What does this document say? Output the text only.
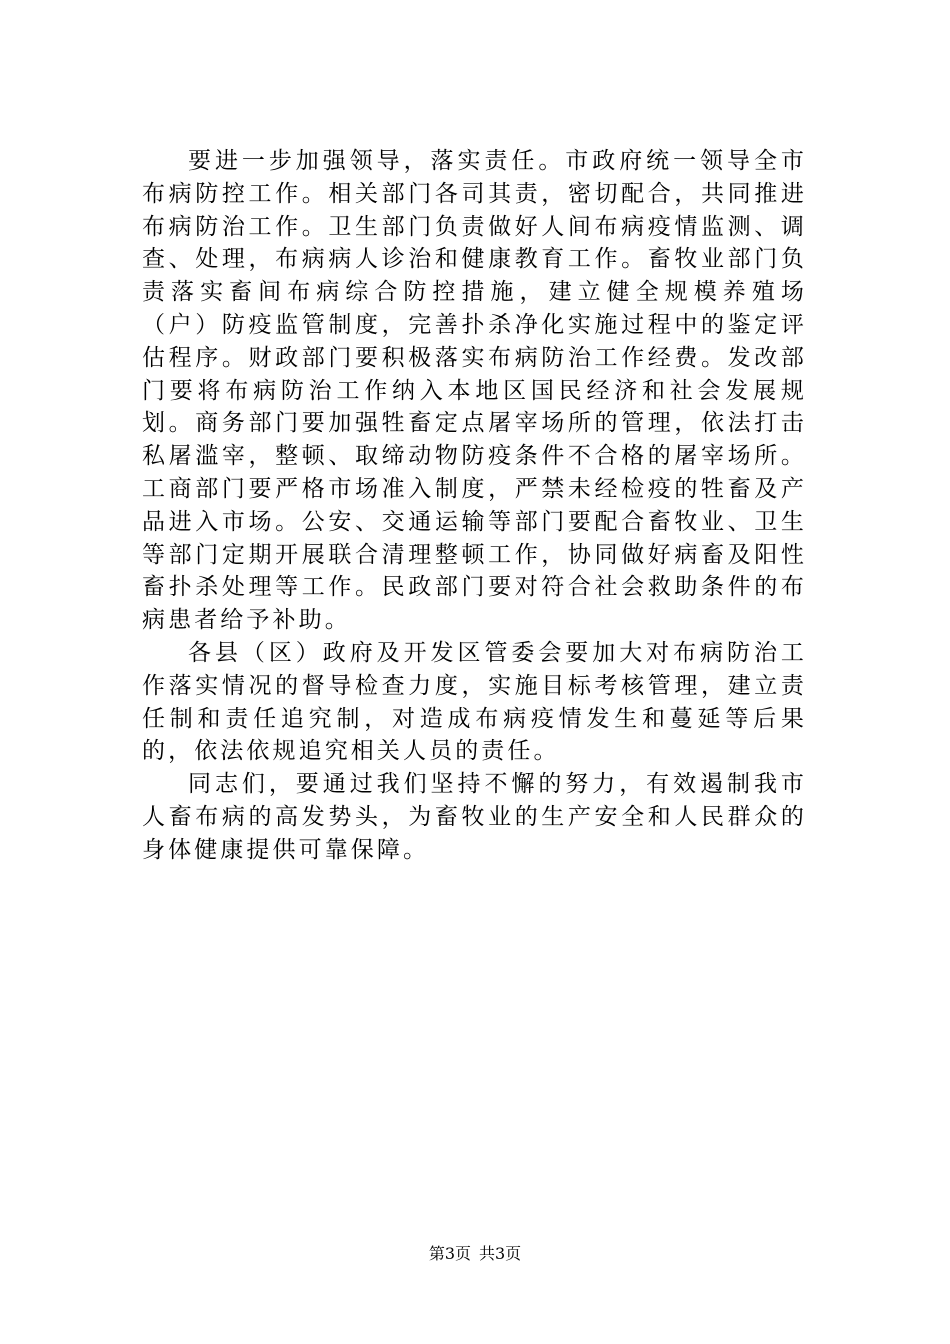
要进一步加强领导，落实责任。市政府统一领导全市布病防控工作。相关部门各司其责，密切配合，共同推进布病防治工作。卫生部门负责做好人间布病疫情监测、调查、处理，布病病人诊治和健康教育工作。畜牧业部门负责落实畜间布病综合防控措施，建立健全规模养殖场（户）防疫监管制度，完善扑杀净化实施过程中的鉴定评估程序。财政部门要积极落实布病防治工作经费。发改部门要将布病防治工作纳入本地区国民经济和社会发展规划。商务部门要加强牲畜定点屠宰场所的管理，依法打击私屠滥宰，整顿、取缔动物防疫条件不合格的屠宰场所。工商部门要严格市场准入制度，严禁未经检疫的牲畜及产品进入市场。公安、交通运输等部门要配合畜牧业、卫生等部门定期开展联合清理整顿工作，协同做好病畜及阳性畜扑杀处理等工作。民政部门要对符合社会救助条件的布病患者给予补助。

各县（区）政府及开发区管委会要加大对布病防治工作落实情况的督导检查力度，实施目标考核管理，建立责任制和责任追究制，对造成布病疫情发生和蔓延等后果的，依法依规追究相关人员的责任。

同志们，要通过我们坚持不懈的努力，有效遏制我市人畜布病的高发势头，为畜牧业的生产安全和人民群众的身体健康提供可靠保障。

第3页 共3页
